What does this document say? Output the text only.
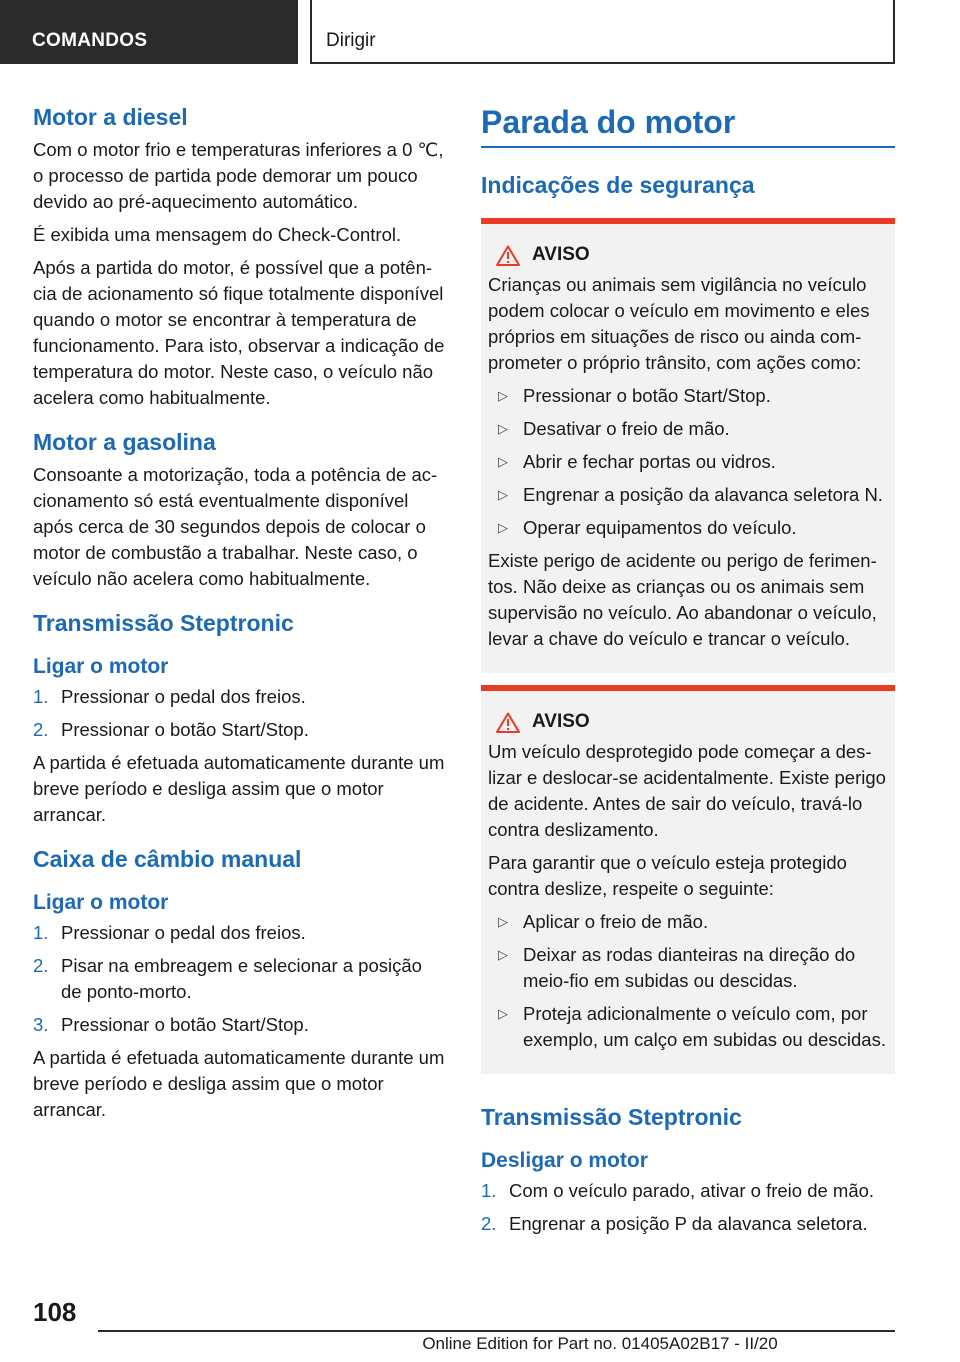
COMANDOS	Dirigir
Motor a diesel

Com o motor frio e temperaturas inferiores a 0 ℃, o processo de partida pode demorar um pouco devido ao pré-aquecimento automático.

É exibida uma mensagem do Check-Control.

Após a partida do motor, é possível que a potência de acionamento só fique totalmente disponível quando o motor se encontrar à temperatura de funcionamento. Para isto, observar a indicação de temperatura do motor. Neste caso, o veículo não acelera como habitualmente.

Motor a gasolina

Consoante a motorização, toda a potência de accionamento só está eventualmente disponível após cerca de 30 segundos depois de colocar o motor de combustão a trabalhar. Neste caso, o veículo não acelera como habitualmente.

Transmissão Steptronic
Ligar o motor
1. Pressionar o pedal dos freios.
2. Pressionar o botão Start/Stop.

A partida é efetuada automaticamente durante um breve período e desliga assim que o motor arrancar.

Caixa de câmbio manual
Ligar o motor
1. Pressionar o pedal dos freios.
2. Pisar na embreagem e selecionar a posição de ponto-morto.
3. Pressionar o botão Start/Stop.

A partida é efetuada automaticamente durante um breve período e desliga assim que o motor arrancar.

Parada do motor
Indicações de segurança
AVISO

Crianças ou animais sem vigilância no veículo podem colocar o veículo em movimento e eles próprios em situações de risco ou ainda comprometer o próprio trânsito, com ações como:

▷ Pressionar o botão Start/Stop.
▷ Desativar o freio de mão.
▷ Abrir e fechar portas ou vidros.
▷ Engrenar a posição da alavanca seletora N.
▷ Operar equipamentos do veículo.

Existe perigo de acidente ou perigo de ferimentos. Não deixe as crianças ou os animais sem supervisão no veículo. Ao abandonar o veículo, levar a chave do veículo e trancar o veículo.

AVISO

Um veículo desprotegido pode começar a deslizar e deslocar-se acidentalmente. Existe perigo de acidente. Antes de sair do veículo, travá-lo contra deslizamento.

Para garantir que o veículo esteja protegido contra deslize, respeite o seguinte:

▷ Aplicar o freio de mão.
▷ Deixar as rodas dianteiras na direção do meio-fio em subidas ou descidas.
▷ Proteja adicionalmente o veículo com, por exemplo, um calço em subidas ou descidas.
Transmissão Steptronic
Desligar o motor
1. Com o veículo parado, ativar o freio de mão.
2. Engrenar a posição P da alavanca seletora.
108
Online Edition for Part no. 01405A02B17 - II/20
